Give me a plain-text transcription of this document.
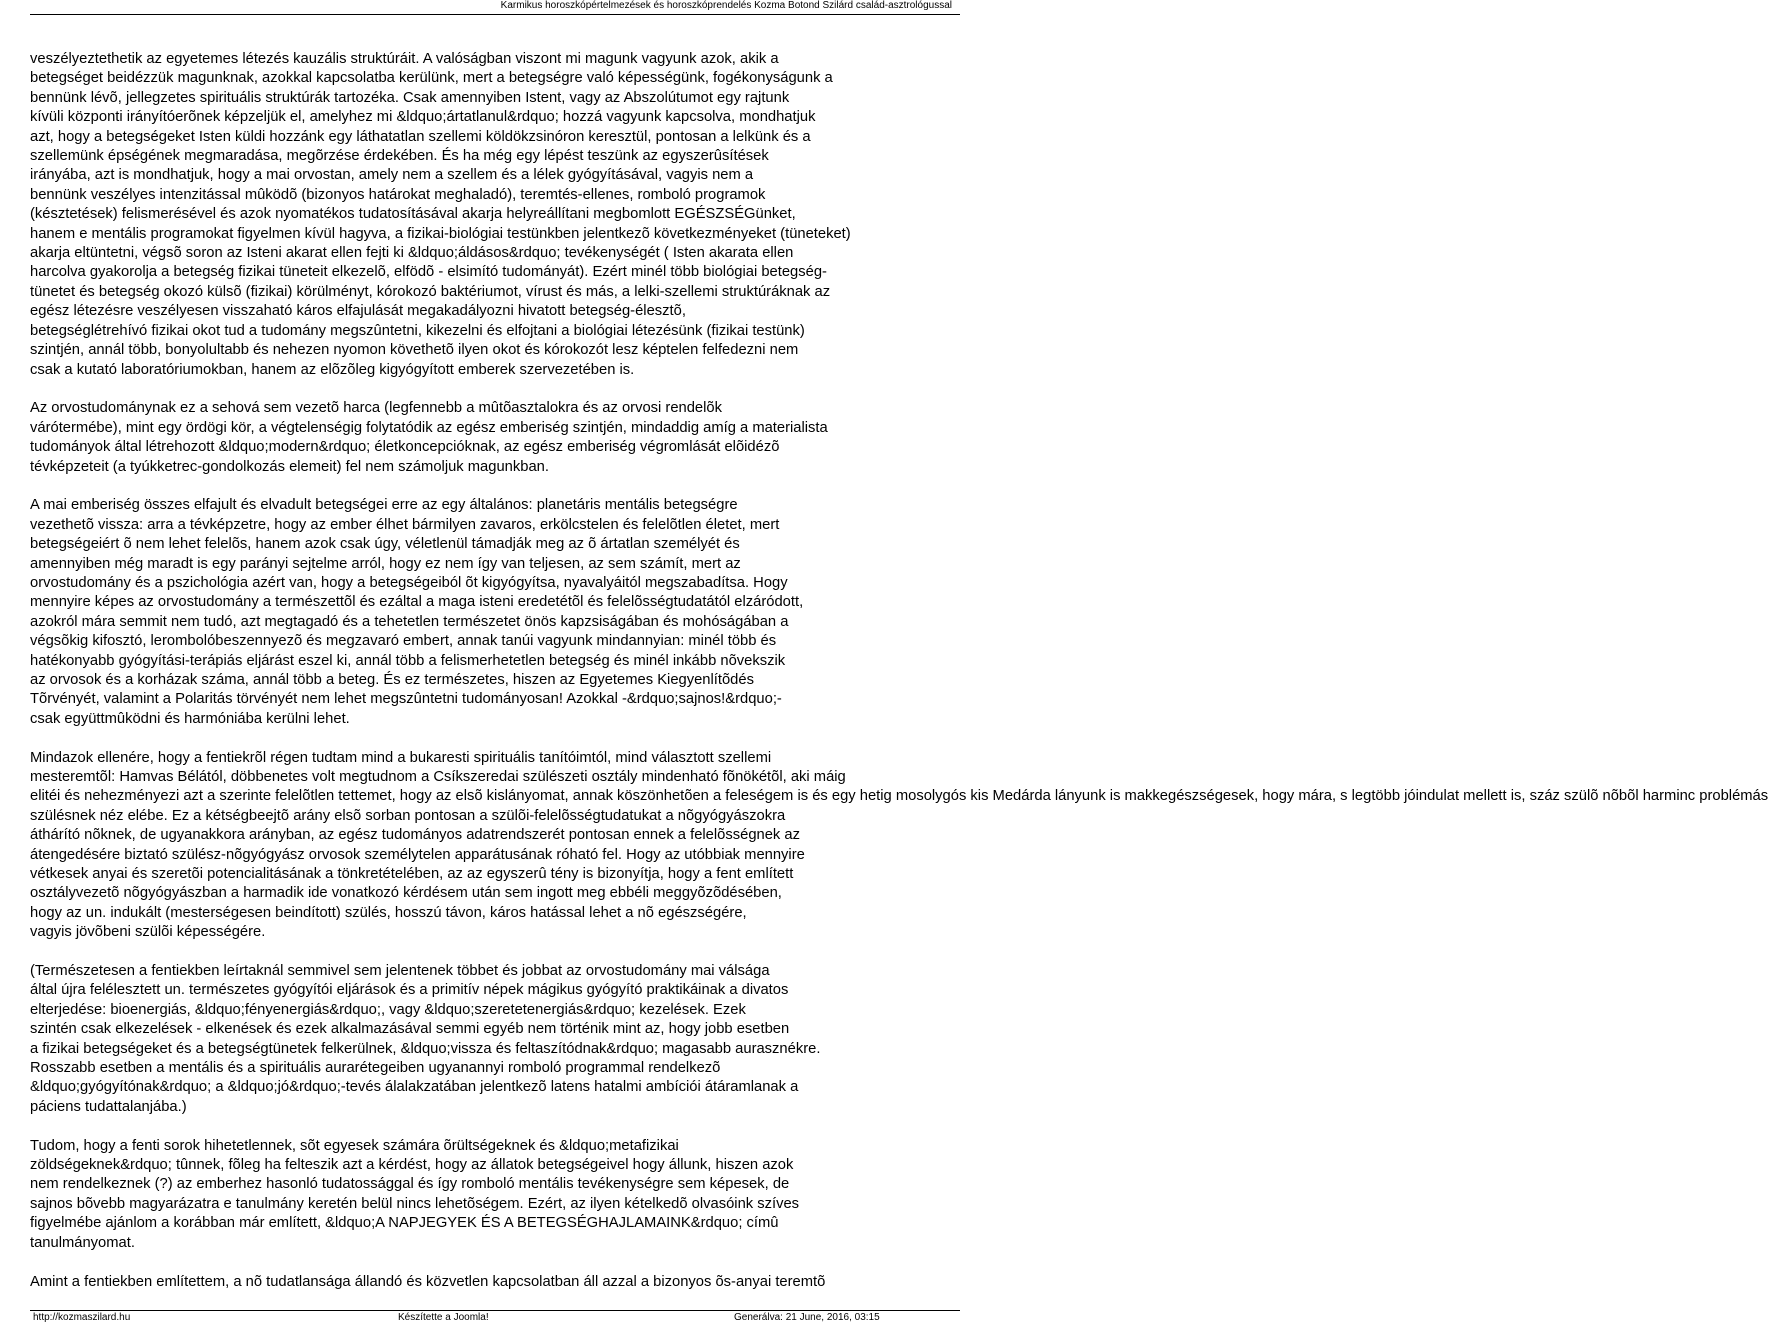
Karmikus horoszkópértelmezések és horoszkóprendelés Kozma Botond Szilárd család-asztrológussal

veszélyeztethetik az egyetemes létezés kauzális struktúráit. A valóságban viszont mi magunk vagyunk azok, akik a
betegséget beidézzük magunknak, azokkal kapcsolatba kerülünk, mert a betegségre való képességünk, fogékonyságunk a
bennünk lévõ, jellegzetes spirituális struktúrák tartozéka. Csak amennyiben Istent, vagy az Abszolútumot egy rajtunk
kívüli központi irányítóerõnek képzeljük el, amelyhez mi &ldquo;ártatlanul&rdquo; hozzá vagyunk kapcsolva, mondhatjuk
azt, hogy a betegségeket Isten küldi hozzánk egy láthatatlan szellemi köldökzsinóron keresztül, pontosan a lelkünk és a
szellemünk épségének megmaradása, megõrzése érdekében. És ha még egy lépést teszünk az egyszerûsítések
irányába, azt is mondhatjuk, hogy a mai orvostan, amely nem a szellem és a lélek gyógyításával, vagyis nem a
bennünk veszélyes intenzitással mûködõ (bizonyos határokat meghaladó), teremtés-ellenes, romboló programok
(késztetések) felismerésével és azok nyomatékos tudatosításával akarja helyreállítani megbomlott EGÉSZSÉGünket,
hanem e mentális programokat figyelmen kívül hagyva, a fizikai-biológiai testünkben jelentkezõ következményeket (tüneteket)
akarja eltüntetni, végsõ soron az Isteni akarat ellen fejti ki &ldquo;áldásos&rdquo; tevékenységét ( Isten akarata ellen
harcolva gyakorolja a betegség fizikai tüneteit elkezelõ, elfödõ - elsimító tudományát). Ezért minél több biológiai betegség-
tünetet és betegség okozó külsõ (fizikai) körülményt, kórokozó baktériumot, vírust és más, a lelki-szellemi struktúráknak az
egész létezésre veszélyesen visszaható káros elfajulását megakadályozni hivatott betegség-élesztõ,
betegséglétrehívó fizikai okot tud a tudomány megszûntetni, kikezelni és elfojtani a biológiai létezésünk (fizikai testünk)
szintjén, annál több, bonyolultabb és nehezen nyomon követhetõ ilyen okot és kórokozót lesz képtelen felfedezni nem
csak a kutató laboratóriumokban, hanem az elõzõleg kigyógyított emberek szervezetében is.

Az orvostudománynak ez a sehová sem vezetõ harca (legfennebb a mûtõasztalokra és az orvosi rendelõk
várótermébe), mint egy ördögi kör, a végtelenségig folytatódik az egész emberiség szintjén, mindaddig amíg a materialista
tudományok által létrehozott &ldquo;modern&rdquo; életkoncepcióknak, az egész emberiség végromlását elõidézõ
tévképzeteit (a tyúkketrec-gondolkozás elemeit) fel nem számoljuk magunkban.

A mai emberiség összes elfajult és elvadult betegségei erre az egy általános: planetáris mentális betegségre
vezethetõ vissza: arra a tévképzetre, hogy az ember élhet bármilyen zavaros, erkölcstelen és felelõtlen életet, mert
betegségeiért õ nem lehet felelõs, hanem azok csak úgy, véletlenül támadják meg az õ ártatlan személyét és
amennyiben még maradt is egy parányi sejtelme arról, hogy ez nem így van teljesen, az sem számít, mert az
orvostudomány és a pszichológia azért van, hogy a betegségeiból õt kigyógyítsa, nyavalyáitól megszabadítsa. Hogy
mennyire képes az orvostudomány a természettõl és ezáltal a maga isteni eredetétõl és felelõsségtudatától elzáródott,
azokról mára semmit nem tudó, azt megtagadó és a tehetetlen természetet önös kapzsiságában és mohóságában a
végsõkig kifosztó, lerombolóbeszennyezõ és megzavaró embert, annak tanúi vagyunk mindannyian: minél több és
hatékonyabb gyógyítási-terápiás eljárást eszel ki, annál több a felismerhetetlen betegség és minél inkább nõvekszik
az orvosok és a korházak száma, annál több a beteg. És ez természetes, hiszen az Egyetemes Kiegyenlítõdés
Tõrvényét, valamint a Polaritás törvényét nem lehet megszûntetni tudományosan! Azokkal -&rdquo;sajnos!&rdquo;-
csak együttmûködni és harmóniába kerülni lehet.

Mindazok ellenére, hogy a fentiekrõl régen tudtam mind a bukaresti spirituális tanítóimtól, mind választott szellemi
mesteremtõl: Hamvas Bélától, döbbenetes volt megtudnom a Csíkszeredai szülészeti osztály mindenható fõnökétõl, aki máig
elitéi és nehezményezi azt a szerinte felelõtlen tettemet, hogy az elsõ kislányomat, annak köszönhetõen a feleségem is és egy hetig mosolygós kis Medárda lányunk is makkegészségesek, hogy mára, s legtöbb jóindulat mellett is, száz szülõ nõbõl harminc problémás
szülésnek néz elébe. Ez a kétségbeejtõ arány elsõ sorban pontosan a szülõi-felelõsségtudatukat a nõgyógyászokra
áthárító nõknek, de ugyanakkora arányban, az egész tudományos adatrendszerét pontosan ennek a felelõsségnek az
átengedésére biztató szülész-nõgyógyász orvosok személytelen apparátusának róható fel. Hogy az utóbbiak mennyire
vétkesek anyai és szeretõi potencialitásának a tönkretételében, az az egyszerû tény is bizonyítja, hogy a fent említett
osztályvezetõ nõgyógyászban a harmadik ide vonatkozó kérdésem után sem ingott meg ebbéli meggyõzõdésében,
hogy az un. indukált (mesterségesen beindított) szülés, hosszú távon, káros hatással lehet a nõ egészségére,
vagyis jövõbeni szülõi képességére.

(Természetesen a fentiekben leírtaknál semmivel sem jelentenek többet és jobbat az orvostudomány mai válsága
által újra felélesztett un. természetes gyógyítói eljárások és a primitív népek mágikus gyógyító praktikáinak a divatos
elterjedése: bioenergiás, &ldquo;fényenergiás&rdquo;, vagy &ldquo;szeretetenergiás&rdquo; kezelések. Ezek
szintén csak elkezelések - elkenések és ezek alkalmazásával semmi egyéb nem történik mint az, hogy jobb esetben
a fizikai betegségeket és a betegségtünetek felkerülnek, &ldquo;vissza és feltaszítódnak&rdquo; magasabb aurasznékre.
Rosszabb esetben a mentális és a spirituális aurarétegeiben ugyanannyi romboló programmal rendelkezõ
&ldquo;gyógyítónak&rdquo; a &ldquo;jó&rdquo;-tevés álalakzatában jelentkezõ latens hatalmi ambíciói átáramlanak a
páciens tudattalanjába.)

Tudom, hogy a fenti sorok hihetetlennek, sõt egyesek számára õrültségeknek és &ldquo;metafizikai
zöldségeknek&rdquo; tûnnek, fõleg ha felteszik azt a kérdést, hogy az állatok betegségeivel hogy állunk, hiszen azok
nem rendelkeznek (?) az emberhez hasonló tudatossággal és így romboló mentális tevékenységre sem képesek, de
sajnos bõvebb magyarázatra e tanulmány keretén belül nincs lehetõségem. Ezért, az ilyen kételkedõ olvasóink szíves
figyelmébe ajánlom a korábban már említett, &ldquo;A NAPJEGYEK ÉS A BETEGSÉGHAJLAMAINK&rdquo; címû
tanulmányomat.

Amint a fentiekben említettem, a nõ tudatlansága állandó és közvetlen kapcsolatban áll azzal a bizonyos õs-anyai teremtõ

http://kozmaszilard.hu	Készítette a Joomla!	Generálva: 21 June, 2016, 03:15
